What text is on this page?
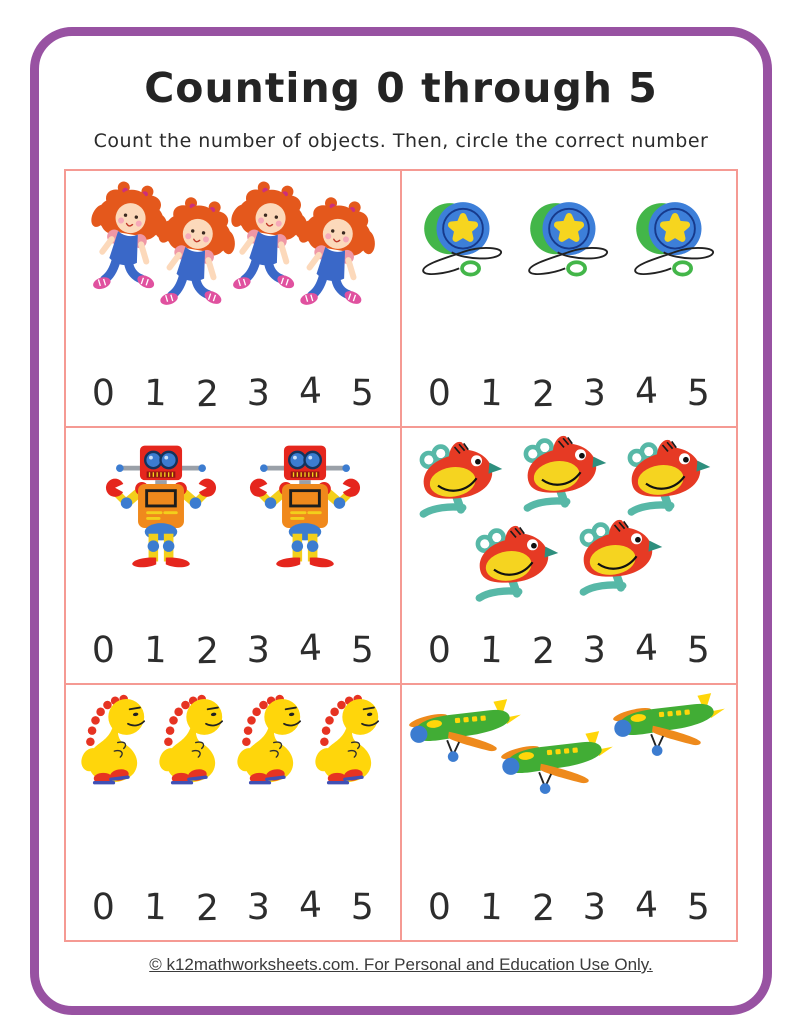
Counting 0 through 5

Count the number of objects. Then, circle the correct number

0 1 2 3 4 5 0 1 2 3 4 5
0 1 2 3 4 5 0 1 2 3 4 5
0 1 2 3 4 5 0 1 2 3 4 5
© k12mathworksheets.com. For Personal and Education Use Only.
